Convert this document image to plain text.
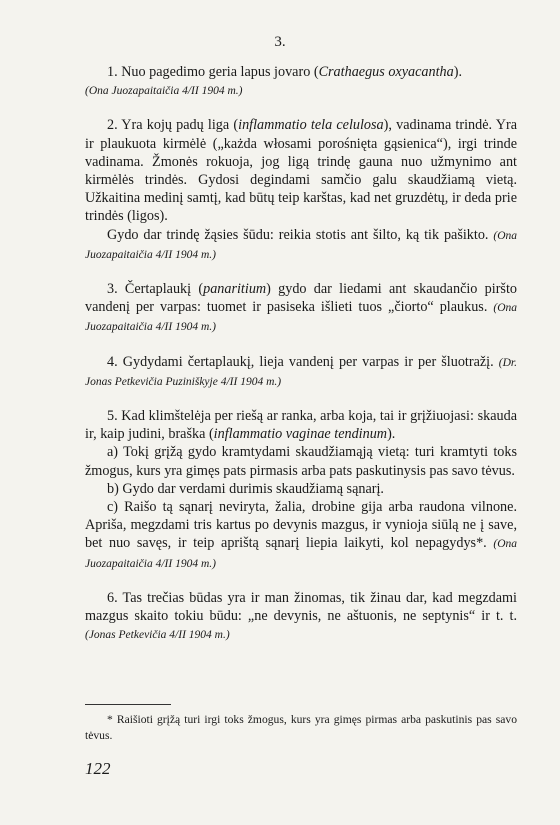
3.

1. Nuo pagedimo geria lapus jovaro (Crathaegus oxyacantha).
(Ona Juozapaitaičia 4/II 1904 m.)

2. Yra kojų padų liga (inflammatio tela celulosa), vadinama trindė. Yra ir plaukuota kirmėlė („każda włosami porośnięta gąsienica“), irgi trinde vadinama. Žmonės rokuoja, jog ligą trindę gauna nuo užmynimo ant kirmėlės trindės. Gydosi degindami samčio galu skaudžiamą vietą. Užkaitina medinį samtį, kad būtų teip karštas, kad net gruzdėtų, ir deda prie trindės (ligos).

Gydo dar trindę žąsies šūdu: reikia stotis ant šilto, ką tik pašikto. (Ona Juozapaitaičia 4/II 1904 m.)

3. Čertaplaukį (panaritium) gydo dar liedami ant skaudančio piršto vandenį per varpas: tuomet ir pasiseka išlieti tuos „čiorto“ plaukus. (Ona Juozapaitaičia 4/II 1904 m.)

4. Gydydami čertaplaukį, lieja vandenį per varpas ir per šluotražį. (Dr. Jonas Petkevičia Puziniškyje 4/II 1904 m.)

5. Kad klimštelėja per riešą ar ranka, arba koja, tai ir grįžiuojasi: skauda ir, kaip judini, braška (inflammatio vaginae tendinum).

a) Tokį grįžą gydo kramtydami skaudžiamąją vietą: turi kramtyti toks žmogus, kurs yra gimęs pats pirmasis arba pats paskutinysis pas savo tėvus.

b) Gydo dar verdami durimis skaudžiamą sąnarį.

c) Raišo tą sąnarį neviryta, žalia, drobine gija arba raudona vilnone. Aprišа, megzdami tris kartus po devynis mazgus, ir vynioja siūlą ne į save, bet nuo savęs, ir teip aprištą sąnarį liepia laikyti, kol nepagydys*. (Ona Juozapaitaičia 4/II 1904 m.)

6. Tas trečias būdas yra ir man žinomas, tik žinau dar, kad megzdami mazgus skaito tokiu būdu: „ne devynis, ne aštuonis, ne septynis“ ir t. t. (Jonas Petkevičia 4/II 1904 m.)

* Raišioti grįžą turi irgi toks žmogus, kurs yra gimęs pirmas arba paskutinis pas savo tėvus.
122
